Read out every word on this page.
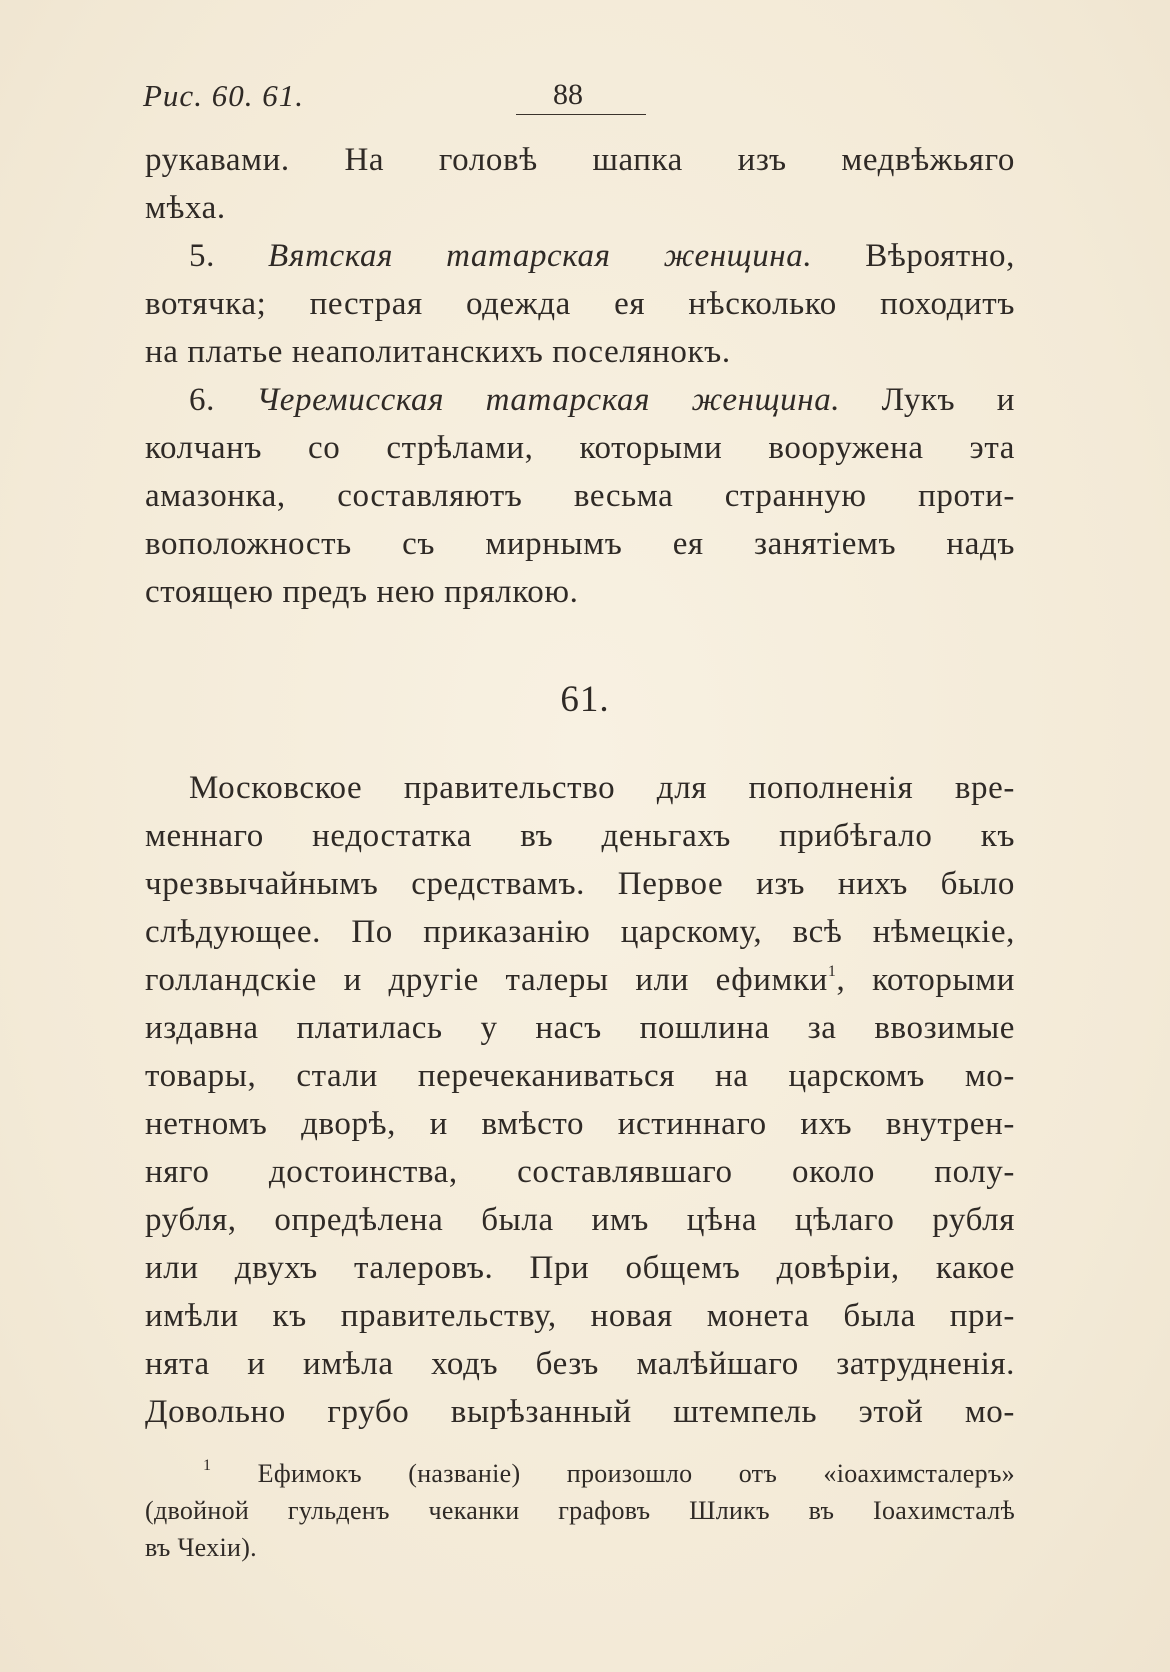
Рис. 60. 61.	88
рукавами. На головѣ шапка изъ медвѣжьяго
мѣха.
5. Вятская татарская женщина. Вѣроятно,
вотячка; пестрая одежда ея нѣсколько походитъ
на платье неаполитанскихъ поселянокъ.
6. Черемисская татарская женщина. Лукъ и
колчанъ со стрѣлами, которыми вооружена эта
амазонка, составляютъ весьма странную проти-
воположность съ мирнымъ ея занятіемъ надъ
стоящею предъ нею прялкою.
61.
Московское правительство для пополненія вре-
меннаго недостатка въ деньгахъ прибѣгало къ
чрезвычайнымъ средствамъ. Первое изъ нихъ было
слѣдующее. По приказанію царскому, всѣ нѣмецкіе,
голландскіе и другіе талеры или ефимки$^1$, которыми
издавна платилась у насъ пошлина за ввозимые
товары, стали перечеканиваться на царскомъ мо-
нетномъ дворѣ, и вмѣсто истиннаго ихъ внутрен-
няго достоинства, составлявшаго около полу-
рубля, опредѣлена была имъ цѣна цѣлаго рубля
или двухъ талеровъ. При общемъ довѣріи, какое
имѣли къ правительству, новая монета была при-
нята и имѣла ходъ безъ малѣйшаго затрудненія.
Довольно грубо вырѣзанный штемпель этой мо-
$^1$ Ефимокъ (названіе) произошло отъ «іоахимсталеръ»
(двойной гульденъ чеканки графовъ Шликъ въ Іоахимсталѣ
въ Чехіи).
